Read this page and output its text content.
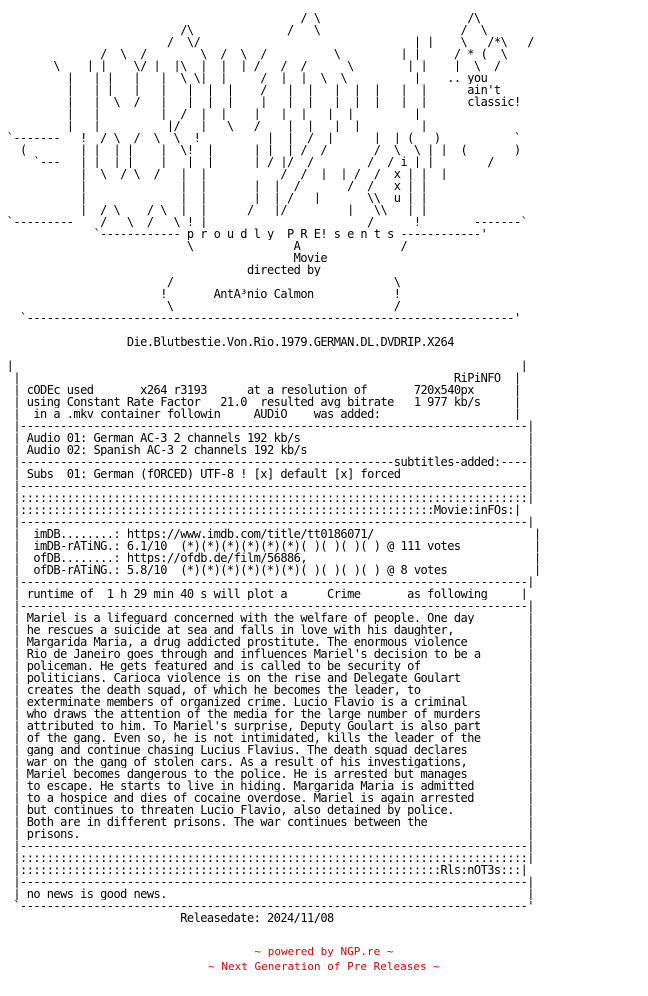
_
/ \                      /\
/\  ____________/   \_______________   ___/  \___
_____   /  \/  __    __      ______          | |    \   /*\   /
_____   /  \  /        \  /  \  /          \         | |     /_*_(  \
\    | |    \/ |  |\  |  |  |_/   /  /  __  \        |_|____|  \__/
|   | |   |   |  \ \|  |     /  |  |  \  \    ___   |    .. you
|   | |   |   |   |  |  |    /   |  |   |  |  |   |  |      ain't
|   |  \__/   |   |  |  |    |   |  |   |  |  |___|  |      classic!
|   |         |  /  |  |    |   |  |   |  |         |
________|   | _    __  |/   |   \___/    |  |  _|  |___      |_______________
`-------   !  / \  /  \  \  !  ______  |  |  /  |______|  |_(   )  _________`
(____    | |  | |    |  \!  |      | |  | /  /       /  \  \ | |  (_______)
`---   | |  | |    |   |  |      |_/ |/  /  ___  _/  / i | |   _____/
|  \__/ \__/   |  |        __ /  /  |__| /  /  x | |  |___
|              |  |       |  |  /   ____/  /   x | |
|   _      _   |  |       |  | /   |____   \\  u | |
______|  / \    / \  |  |______/   |/    _____|   \\___| |______________
`---------____/   \__/   \_!_|________________________/______!________-------`
`------------ p r o u d l y  P R E! s e n t s ------------'
\___________    A    ___________/
Movie
___________directed by___________
/                                 \
!       AntÃ³nio Calmon            !
\_________________________________/
`-------------------------------------------------------------------------'
Die.Blutbestie.Von.Rio.1979.GERMAN.DL.DVDRIP.X264
_______________________________________________________________________________
_|  ________________________________________________________________________  |_
|                                                                 RiPiNFO__|
| cODEc used       x264 r3193      at a resolution of       720x540px      |
| using Constant Rate Factor   21.0  resulted avg bitrate   1 977 kb/s     |
|  in a .mkv container followin     AUDiO    was added:                    |
|----------------------------------------------------------------------------|
| Audio 01: German AC-3 2 channels 192 kb/s                                  |
| Audio 02: Spanish AC-3 2 channels 192 kb/s                                 |
|--------------------------------------------------------subtitles-added:----|
| Subs  01: German (fORCED) UTF-8 ! [x] default [x] forced                   |
|----------------------------------------------------------------------------|
|::::::::::::::::::::::::::::::::::::::::::::::::::::::::::::::::::::::::::::|
|::::::::::::::::::::::::::::::::::::::::::::::::::::::::::::::Movie:inFOs:|
|----------------------------------------------------------------------------|
|  imDB........: https://www.imdb.com/title/tt0186071/                        |
|  imDB-rATiNG.: 6.1/10  (*)(*)(*)(*)(*)(*)( )( )( )( ) @ 111 votes           |
|  ofDB........: https://ofdb.de/film/56886,                                  |
|  ofDB-rATiNG.: 5.8/10  (*)(*)(*)(*)(*)(*)( )( )( )( ) @ 8 votes             |
|----------------------------------------------------------------------------|
| runtime of  1 h 29 min 40 s will plot a      Crime       as following     |
|----------------------------------------------------------------------------|
| Mariel is a lifeguard concerned with the welfare of people. One day        |
| he rescues a suicide at sea and falls in love with his daughter,           |
| Margarida Maria, a drug addicted prostitute. The enormous violence         |
| Rio de Janeiro goes through and influences Mariel's decision to be a       |
| policeman. He gets featured and is called to be security of                |
| politicians. Carioca violence is on the rise and Delegate Goulart          |
| creates the death squad, of which he becomes the leader, to                |
| exterminate members of organized crime. Lucio Flavio is a criminal         |
| who draws the attention of the media for the large number of murders       |
| attributed to him. To Mariel's surprise, Deputy Goulart is also part       |
| of the gang. Even so, he is not intimidated, kills the leader of the       |
| gang and continue chasing Lucius Flavius. The death squad declares         |
| war on the gang of stolen cars. As a result of his investigations,         |
| Mariel becomes dangerous to the police. He is arrested but manages         |
| to escape. He starts to live in hiding. Margarida Maria is admitted        |
| to a hospice and dies of cocaine overdose. Mariel is again arrested        |
| but continues to threaten Lucio Flavio, also detained by police.           |
| Both are in different prisons. The war continues between the               |
| prisons.                                                                   |
|----------------------------------------------------------------------------|
|::::::::::::::::::::::::::::::::::::::::::::::::::::::::::::::::::::::::::::|
|:::::::::::::::::::::::::::::::::::::::::::::::::::::::::::::::Rls:nOT3s:::|
|----------------------------------------------------------------------------|
| no news is good news.                                                      |
`----------------------------------------------------------------------------'
Releasedate: 2024/11/08
~ powered by NGP.re ~
~ Next Generation of Pre Releases ~
